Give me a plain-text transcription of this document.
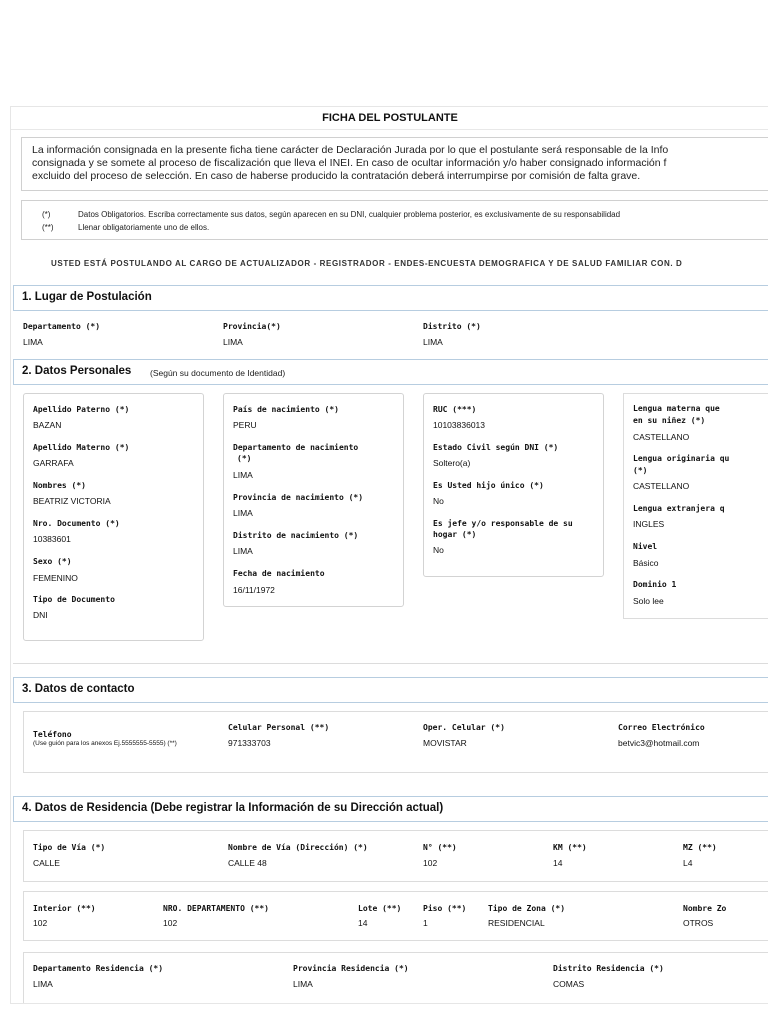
FICHA DEL POSTULANTE
La información consignada en la presente ficha tiene carácter de Declaración Jurada por lo que el postulante será responsable de la Info
consignada y se somete al proceso de fiscalización que lleva el INEI. En caso de ocultar información y/o haber consignado información f
excluido del proceso de selección. En caso de haberse producido la contratación deberá interrumpirse por comisión de falta grave.
(*)	Datos Obligatorios. Escriba correctamente sus datos, según aparecen en su DNI, cualquier problema posterior, es exclusivamente de su responsabilidad
(**)	Llenar obligatoriamente uno de ellos.
USTED ESTÁ POSTULANDO AL CARGO DE ACTUALIZADOR - REGISTRADOR - ENDES-ENCUESTA DEMOGRAFICA Y DE SALUD FAMILIAR CON. D
1. Lugar de Postulación
Departamento (*)
LIMA
Provincia(*)
LIMA
Distrito (*)
LIMA
2. Datos Personales (Según su documento de Identidad)
Apellido Paterno (*)
BAZAN
Apellido Materno (*)
GARRAFA
Nombres (*)
BEATRIZ VICTORIA
Nro. Documento (*)
10383601
Sexo (*)
FEMENINO
Tipo de Documento
DNI
País de nacimiento (*)
PERU
Departamento de nacimiento
(*)
LIMA
Provincia de nacimiento (*)
LIMA
Distrito de nacimiento (*)
LIMA
Fecha de nacimiento
16/11/1972
RUC (***)
10103836013
Estado Civil según DNI (*)
Soltero(a)
Es Usted hijo único (*)
No
Es jefe y/o responsable de su
hogar (*)
No
Lengua materna que
en su niñez (*)
CASTELLANO
Lengua originaria qu
(*)
CASTELLANO
Lengua extranjera q
INGLES
Nivel
Básico
Dominio 1
Solo lee
3. Datos de contacto
Teléfono
(Use guión para los anexos Ej.5555555-5555) (**)
Celular Personal (**)
971333703
Oper. Celular (*)
MOVISTAR
Correo Electrónico
betvic3@hotmail.com
4. Datos de Residencia (Debe registrar la Información de su Dirección actual)
Tipo de Vía (*)
CALLE
Nombre de Vía (Dirección) (*)
CALLE 48
N° (**)
102
KM (**)
14
MZ (**)
L4
Interior (**)
102
NRO. DEPARTAMENTO (**)
102
Lote (**)
14
Piso (**)
1
Tipo de Zona (*)
RESIDENCIAL
Nombre Zo
OTROS
Departamento Residencia (*)
LIMA
Provincia Residencia (*)
LIMA
Distrito Residencia (*)
COMAS
